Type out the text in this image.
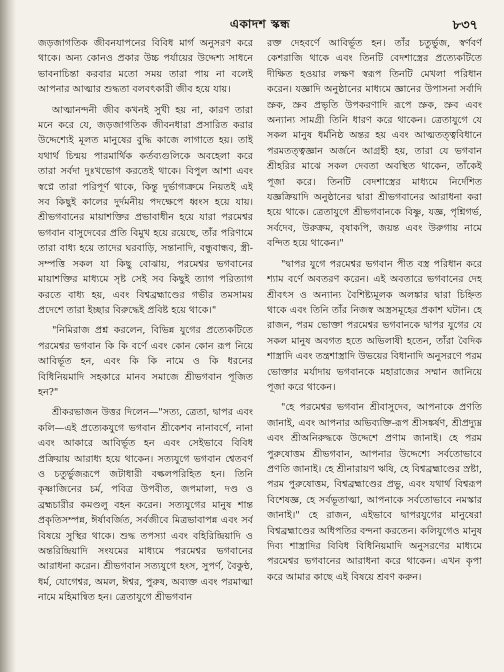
একাদশ স্কন্ধ	৮৩৭

জড়জাগতিক জীবনযাপনের বিবিধ মার্গ অনুসরণ করে থাকে। অন্য কোনও প্রকার উচ্চ পর্যায়ের উদ্দেশ্য সাধনে ভাবনাচিন্তা করবার মতো সময় তারা পায় না বলেই আপনার আত্মার শুদ্ধতা বলবৎকারী জীব হয়ে যায়।

আত্মানন্দনী জীব কখনই সুখী হয় না, কারণ তারা মনে করে যে, জড়জাগতিক জীবনধারা প্রসারিত করার উদ্দেশ্যেই মূলত মানুষের বুদ্ধি কাজে লাগাতে হয়। তাই যথার্থ চিন্ময় পারমার্থিক কর্তব্যগুলিকে অবহেলা করে তারা সর্বদা দুঃখভোগ করতেই থাকে। বিপুল আশা এবং স্বপ্নে তারা পরিপূর্ণ থাকে, কিন্তু দুর্ভাগ্যক্রমে নিয়তই এই সব কিছুই কালের দুর্দমনীয় পদক্ষেপে ধ্বংস হয়ে যায়। শ্রীভগবানের মায়াশক্তির প্রভাবাধীন হয়ে যারা পরমেশ্বর ভগবান বাসুদেবের প্রতি বিমুখ হয়ে রয়েছে, তাঁর পরিণামে তারা বাধ্য হয়ে তাদের ঘরবাড়ি, সন্তানাদি, বন্ধুবান্ধব, স্ত্রী-সম্পত্তি সকল যা কিছু বোঝায়, পরমেশ্বর ভগবানের মায়াশক্তির মাধ্যমে সৃষ্ট সেই সব কিছুই ত্যাগ পরিত্যাগ করতে বাধ্য হয়, এবং বিশ্বব্রহ্মাণ্ডের গভীর তমসাময় প্রদেশে তারা ইচ্ছার বিরুদ্ধেই প্রবিষ্ট হয়ে থাকে।"

"নিমিরাজ প্রশ্ন করলেন, বিভিন্ন যুগের প্রত্যেকটিতে পরমেশ্বর ভগবান কি কি বর্ণে এবং কোন কোন রূপ নিয়ে আবির্ভূত হন, এবং কি কি নামে ও কি ধরনের বিধিনিয়মাদি সহকারে মানব সমাজে শ্রীভগবান পূজিত হন?"

শ্রীকরভাজন উত্তর দিলেন—"সত্য, ত্রেতা, দ্বাপর এবং কলি—এই প্রত্যেকযুগে ভগবান শ্রীকেশব নানাবর্ণে, নানা এবং আকারে আবির্ভূত হন এবং সেইভাবে বিবিধ প্রক্রিয়ায় আরাধ্য হয়ে থাকেন। সত্যযুগে ভগবান শ্বেতবর্ণ ও চতুর্ভুজরূপে জটাধারী বল্কলপরিহিত হন। তিনি কৃষ্ণাজিনের চর্ম, পবিত্র উপবীত, জপমালা, দণ্ড ও ব্রহ্মচারীর কমণ্ডলু বহন করেন। সত্যযুগের মানুষ শান্ত প্রকৃতিসম্পন্ন, ঈর্ষাবর্জিত, সর্বজীবে মিত্রভাবাপন্ন এবং সর্ব বিষয়ে সুস্থির থাকে। শুদ্ধ তপস্যা এবং বহিরিন্দ্রিয়াদি ও অন্তরিন্দ্রিয়াদি সংযমের মাধ্যমে পরমেশ্বর ভগবানের আরাধনা করেন। শ্রীভগবান সত্যযুগে হংস, সুপর্ণ, বৈকুণ্ঠ, ধর্ম, যোগেশ্বর, অমল, ঈশ্বর, পুরুষ, অব্যক্ত এবং পরমাত্মা নামে মহিমান্বিত হন। ত্রেতাযুগে শ্রীভগবান

রক্ত দেহবর্ণে আবির্ভূত হন। তাঁর চতুর্ভুজ, স্বর্ণবর্ণ কেশরাজি থাকে এবং তিনটি বেদশাস্ত্রের প্রত্যেকটিতে দীক্ষিত হওয়ার লক্ষণ স্বরূপ তিনটি মেখলা পরিধান করেন। যজ্ঞাদি অনুষ্ঠানের মাধ্যমে জ্ঞানের উপাসনা সর্বাদি স্রুক, স্রুব প্রভৃতি উপকরণাদি রূপে স্রুক, স্রুব এবং অন্যান্য সামগ্রী তিনি ধারণ করে থাকেন। ত্রেতাযুগে যে সকল মানুষ ধর্মনিষ্ঠ অন্তর হয় এবং আত্মতত্ত্ববিধানে পরমতত্ত্বজ্ঞান অর্জনে আগ্রহী হয়, তারা যে ভগবান শ্রীহরির মাঝে সকল দেবতা অবস্থিত থাকেন, তাঁকেই পূজা করে। তিনটি বেদশাস্ত্রের মাধ্যমে নির্দেশিত যজ্ঞক্রিয়াদি অনুষ্ঠানের দ্বারা শ্রীভগবানের আরাধনা করা হয়ে থাকে। ত্রেতাযুগে শ্রীভগবানকে বিষ্ণু, যজ্ঞ, পৃশ্নিগর্ভ, সর্বদেব, উরুক্রম, বৃষাকপি, জয়ন্ত এবং উরুগায় নামে বন্দিত হয়ে থাকেন।"

"দ্বাপর যুগে পরমেশ্বর ভগবান পীত বস্ত্র পরিধান করে শ্যাম বর্ণে অবতরণ করেন। এই অবতারে ভগবানের দেহ শ্রীবৎস ও অন্যান্য বৈশিষ্ট্যমূলক অলঙ্কার দ্বারা চিহ্নিত থাকে এবং তিনি তাঁর নিজস্ব অস্ত্রসমূহের প্রকাশ ঘটান। হে রাজন, পরম ভোক্তা পরমেশ্বর ভগবানকে দ্বাপর যুগের যে সকল মানুষ অবগত হতে অভিলাষী হতেন, তাঁরা বৈদিক শাস্ত্রাদি এবং তন্ত্রশাস্ত্রাদি উভয়ের বিধানাদি অনুসরণে পরম ভোক্তার মর্যাদায় ভগবানকে মহারাজের সম্মান জানিয়ে পূজা করে থাকেন।

"হে পরমেশ্বর ভগবান শ্রীবাসুদেব, আপনাকে প্রণতি জানাই, এবং আপনার অভিব্যক্তি-রূপ শ্রীসঙ্কর্ষণ, শ্রীপ্রদ্যুম্ন এবং শ্রীঅনিরুদ্ধকে উদ্দেশে প্রণাম জানাই। হে পরম পুরুষোত্তম শ্রীভগবান, আপনার উদ্দেশ্যে সর্বতোভাবে প্রণতি জানাই। হে শ্রীনারায়ণ ঋষি, হে বিশ্বব্রহ্মাণ্ডের স্রষ্টা, পরম পুরুষোত্তম, বিশ্বব্রহ্মাণ্ডের প্রভু, এবং যথার্থ বিশ্বরূপ বিশেষজ্ঞ, হে সর্বভূতাত্মা, আপনাকে সর্বতোভাবে নমস্কার জানাই।" হে রাজন, এইভাবে দ্বাপরযুগের মানুষেরা বিশ্বব্রহ্মাণ্ডের অধিপতির বন্দনা করতেন। কলিযুগেও মানুষ দিব্য শাস্ত্রাদির বিবিধ বিধিনিয়মাদি অনুসরণের মাধ্যমে পরমেশ্বর ভগবানের আরাধনা করে থাকেন। এখন কৃপা করে আমার কাছে এই বিষয়ে শ্রবণ করুন।
